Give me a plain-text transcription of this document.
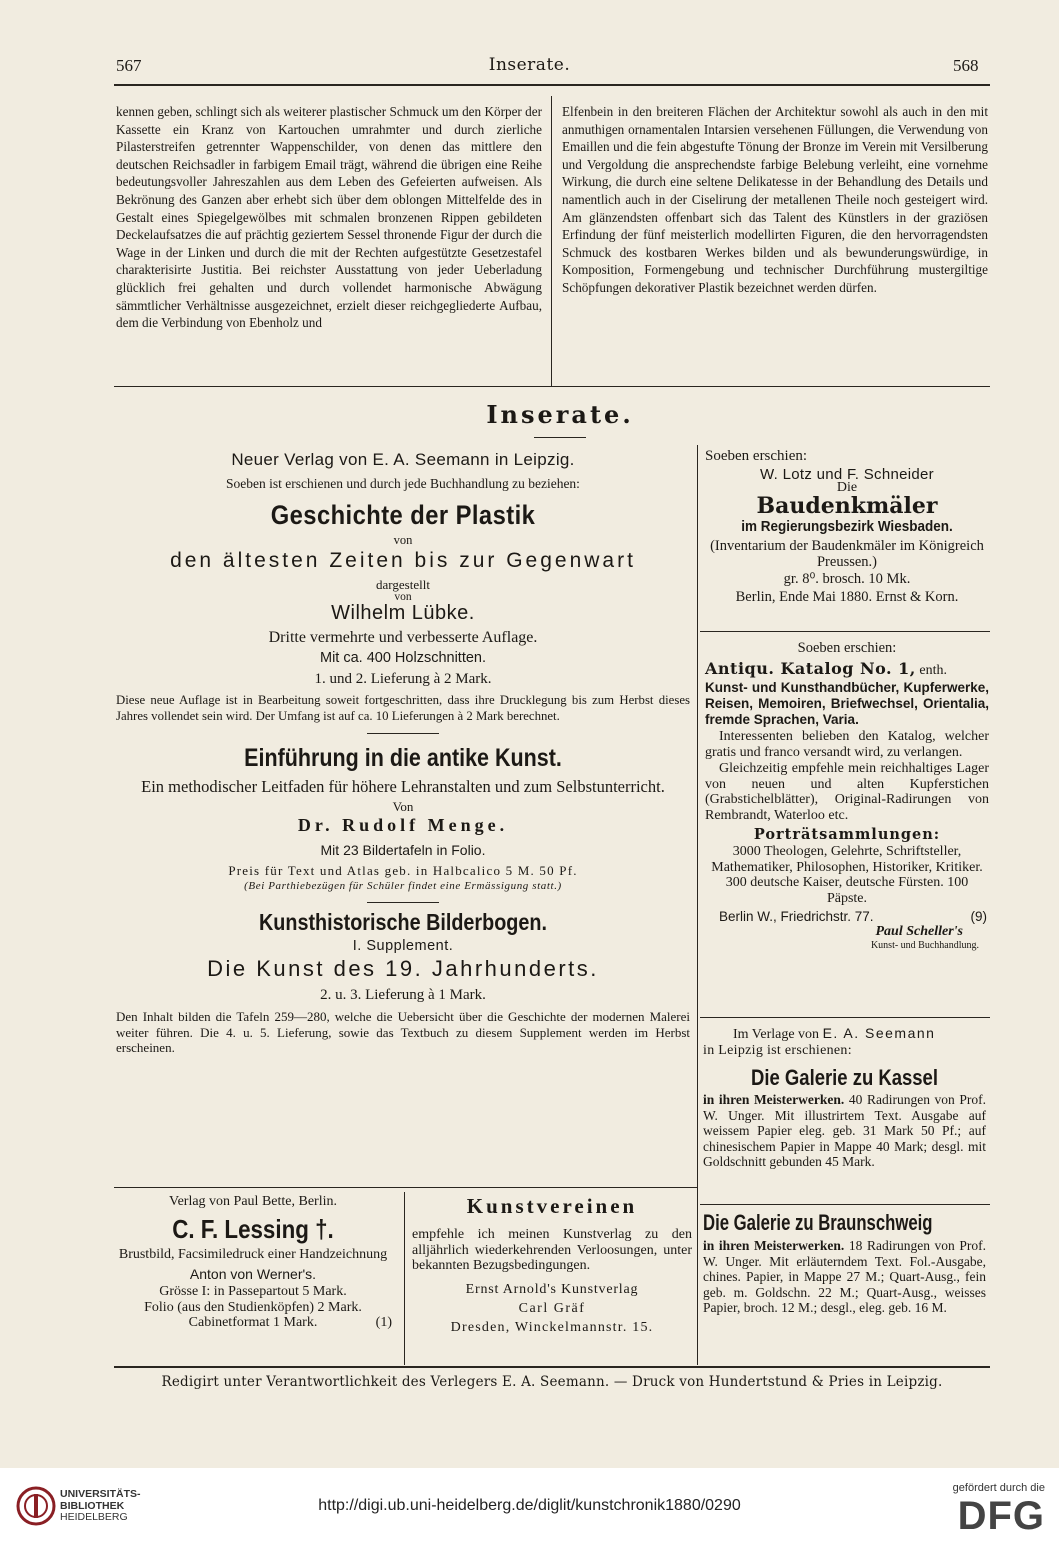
567	Inserate.	568
kennen geben, schlingt sich als weiterer plastischer Schmuck um den Körper der Kassette ein Kranz von Kartouchen umrahmter und durch zierliche Pilasterstreifen getrennter Wappenschilder, von denen das mittlere den deutschen Reichsadler in farbigem Email trägt, während die übrigen eine Reihe bedeutungsvoller Jahreszahlen aus dem Leben des Gefeierten aufweisen. Als Bekrönung des Ganzen aber erhebt sich über dem oblongen Mittelfelde des in Gestalt eines Spiegelgewölbes mit schmalen bronzenen Rippen gebildeten Deckelaufsatzes die auf prächtig geziertem Sessel thronende Figur der durch die Wage in der Linken und durch die mit der Rechten aufgestützte Gesetzestafel charakterisirte Justitia. Bei reichster Ausstattung von jeder Ueberladung glücklich frei gehalten und durch vollendet harmonische Abwägung sämmtlicher Verhältnisse ausgezeichnet, erzielt dieser reichgegliederte Aufbau, dem die Verbindung von Ebenholz und
Elfenbein in den breiteren Flächen der Architektur sowohl als auch in den mit anmuthigen ornamentalen Intarsien versehenen Füllungen, die Verwendung von Emaillen und die fein abgestufte Tönung der Bronze im Verein mit Versilberung und Vergoldung die ansprechendste farbige Belebung verleiht, eine vornehme Wirkung, die durch eine seltene Delikatesse in der Behandlung des Details und namentlich auch in der Ciselirung der metallenen Theile noch gesteigert wird. Am glänzendsten offenbart sich das Talent des Künstlers in der graziösen Erfindung der fünf meisterlich modellirten Figuren, die den hervorragendsten Schmuck des kostbaren Werkes bilden und als bewunderungswürdige, in Komposition, Formengebung und technischer Durchführung mustergiltige Schöpfungen dekorativer Plastik bezeichnet werden dürfen.
Inserate.
Neuer Verlag von E. A. Seemann in Leipzig.
Soeben ist erschienen und durch jede Buchhandlung zu beziehen:
Geschichte der Plastik
von
den ältesten Zeiten bis zur Gegenwart
dargestellt
von
Wilhelm Lübke.
Dritte vermehrte und verbesserte Auflage.
Mit ca. 400 Holzschnitten.
1. und 2. Lieferung à 2 Mark.
Diese neue Auflage ist in Bearbeitung soweit fortgeschritten, dass ihre Drucklegung bis zum Herbst dieses Jahres vollendet sein wird. Der Umfang ist auf ca. 10 Lieferungen à 2 Mark berechnet.
Einführung in die antike Kunst.
Ein methodischer Leitfaden für höhere Lehranstalten und zum Selbstunterricht.
Von
Dr. Rudolf Menge.
Mit 23 Bildertafeln in Folio.
Preis für Text und Atlas geb. in Halbcalico 5 M. 50 Pf.
(Bei Parthiebezügen für Schüler findet eine Ermässigung statt.)
Kunsthistorische Bilderbogen.
I. Supplement.
Die Kunst des 19. Jahrhunderts.
2. u. 3. Lieferung à 1 Mark.
Den Inhalt bilden die Tafeln 259—280, welche die Uebersicht über die Geschichte der modernen Malerei weiter führen. Die 4. u. 5. Lieferung, sowie das Textbuch zu diesem Supplement werden im Herbst erscheinen.
Verlag von Paul Bette, Berlin.
C. F. Lessing †.
Brustbild, Facsimiledruck einer Handzeichnung
Anton von Werner's.
Grösse I: in Passepartout 5 Mark.
Folio (aus den Studienköpfen) 2 Mark.
Cabinetformat 1 Mark.	(1)
Kunstvereinen
empfehle ich meinen Kunstverlag zu den alljährlich wiederkehrenden Verloosungen, unter bekannten Bezugsbedingungen.
Ernst Arnold's Kunstverlag
Carl Gräf
Dresden, Winckelmannstr. 15.
Soeben erschien:
W. Lotz und F. Schneider
Die
Baudenkmäler
im Regierungsbezirk Wiesbaden.
(Inventarium der Baudenkmäler im Königreich Preussen.)
gr. 8⁰. brosch. 10 Mk.
Berlin, Ende Mai 1880. Ernst & Korn.
Soeben erschien:
Antiqu. Katalog No. 1, enth.
Kunst- und Kunsthandbücher, Kupferwerke, Reisen, Memoiren, Briefwechsel, Orientalia, fremde Sprachen, Varia.
Interessenten belieben den Katalog, welcher gratis und franco versandt wird, zu verlangen.
Gleichzeitig empfehle mein reichhaltiges Lager von neuen und alten Kupferstichen (Grabstichelblätter), Original-Radirungen von Rembrandt, Waterloo etc.
Porträtsammlungen:
3000 Theologen, Gelehrte, Schriftsteller, Mathematiker, Philosophen, Historiker, Kritiker. 300 deutsche Kaiser, deutsche Fürsten. 100 Päpste.
Berlin W., Friedrichstr. 77.	(9)
Paul Scheller's
Kunst- und Buchhandlung.
Im Verlage von E. A. Seemann
in Leipzig ist erschienen:
Die Galerie zu Kassel
in ihren Meisterwerken. 40 Radirungen von Prof. W. Unger. Mit illustrirtem Text. Ausgabe auf weissem Papier eleg. geb. 31 Mark 50 Pf.; auf chinesischem Papier in Mappe 40 Mark; desgl. mit Goldschnitt gebunden 45 Mark.
Die Galerie zu Braunschweig
in ihren Meisterwerken. 18 Radirungen von Prof. W. Unger. Mit erläuterndem Text. Fol.-Ausgabe, chines. Papier, in Mappe 27 M.; Quart-Ausg., fein geb. m. Goldschn. 22 M.; Quart-Ausg., weisses Papier, broch. 12 M.; desgl., eleg. geb. 16 M.
Redigirt unter Verantwortlichkeit des Verlegers E. A. Seemann. — Druck von Hundertstund & Pries in Leipzig.
UNIVERSITÄTS-
BIBLIOTHEK
HEIDELBERG
http://digi.ub.uni-heidelberg.de/diglit/kunstchronik1880/0290
gefördert durch die
DFG
